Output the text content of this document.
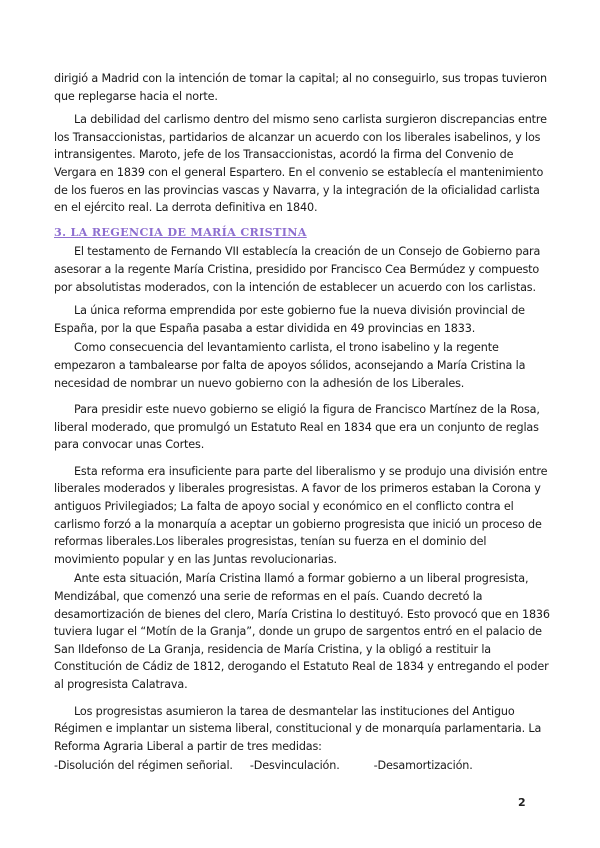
dirigió a Madrid con la intención de tomar la capital; al no conseguirlo, sus tropas tuvieron que replegarse hacia el norte.

La debilidad del carlismo dentro del mismo seno carlista surgieron discrepancias entre los Transaccionistas, partidarios de alcanzar un acuerdo con los liberales isabelinos, y los intransigentes. Maroto, jefe de los Transaccionistas, acordó la firma del Convenio de Vergara en 1839 con el general Espartero. En el convenio se establecía el mantenimiento de los fueros en las provincias vascas y Navarra, y la integración de la oficialidad carlista en el ejército real. La derrota definitiva en 1840.

3. LA REGENCIA DE MARÍA CRISTINA

El testamento de Fernando VII establecía la creación de un Consejo de Gobierno para asesorar a la regente María Cristina, presidido por Francisco Cea Bermúdez y compuesto por absolutistas moderados, con la intención de establecer un acuerdo con los carlistas.

La única reforma emprendida por este gobierno fue la nueva división provincial de España, por la que España pasaba a estar dividida en 49 provincias en 1833.

Como consecuencia del levantamiento carlista, el trono isabelino y la regente empezaron a tambalearse por falta de apoyos sólidos, aconsejando a María Cristina la necesidad de nombrar un nuevo gobierno con la adhesión de los Liberales.

Para presidir este nuevo gobierno se eligió la figura de Francisco Martínez de la Rosa, liberal moderado, que promulgó un Estatuto Real en 1834 que era un conjunto de reglas para convocar unas Cortes.

Esta reforma era insuficiente para parte del liberalismo y se produjo una división entre liberales moderados y liberales progresistas. A favor de los primeros estaban la Corona y antiguos Privilegiados; La falta de apoyo social y económico en el conflicto contra el carlismo forzó a la monarquía a aceptar un gobierno progresista que inició un proceso de reformas liberales.Los liberales progresistas, tenían su fuerza en el dominio del movimiento popular y en las Juntas revolucionarias.

Ante esta situación, María Cristina llamó a formar gobierno a un liberal progresista, Mendizábal, que comenzó una serie de reformas en el país. Cuando decretó la desamortización de bienes del clero, María Cristina lo destituyó. Esto provocó que en 1836 tuviera lugar el “Motín de la Granja”, donde un grupo de sargentos entró en el palacio de San Ildefonso de La Granja, residencia de María Cristina, y la obligó a restituir la Constitución de Cádiz de 1812, derogando el Estatuto Real de 1834 y entregando el poder al progresista Calatrava.

Los progresistas asumieron la tarea de desmantelar las instituciones del Antiguo Régimen e implantar un sistema liberal, constitucional y de monarquía parlamentaria. La Reforma Agraria Liberal a partir de tres medidas:

-Disolución del régimen señorial.     -Desvinculación.          -Desamortización.

2
